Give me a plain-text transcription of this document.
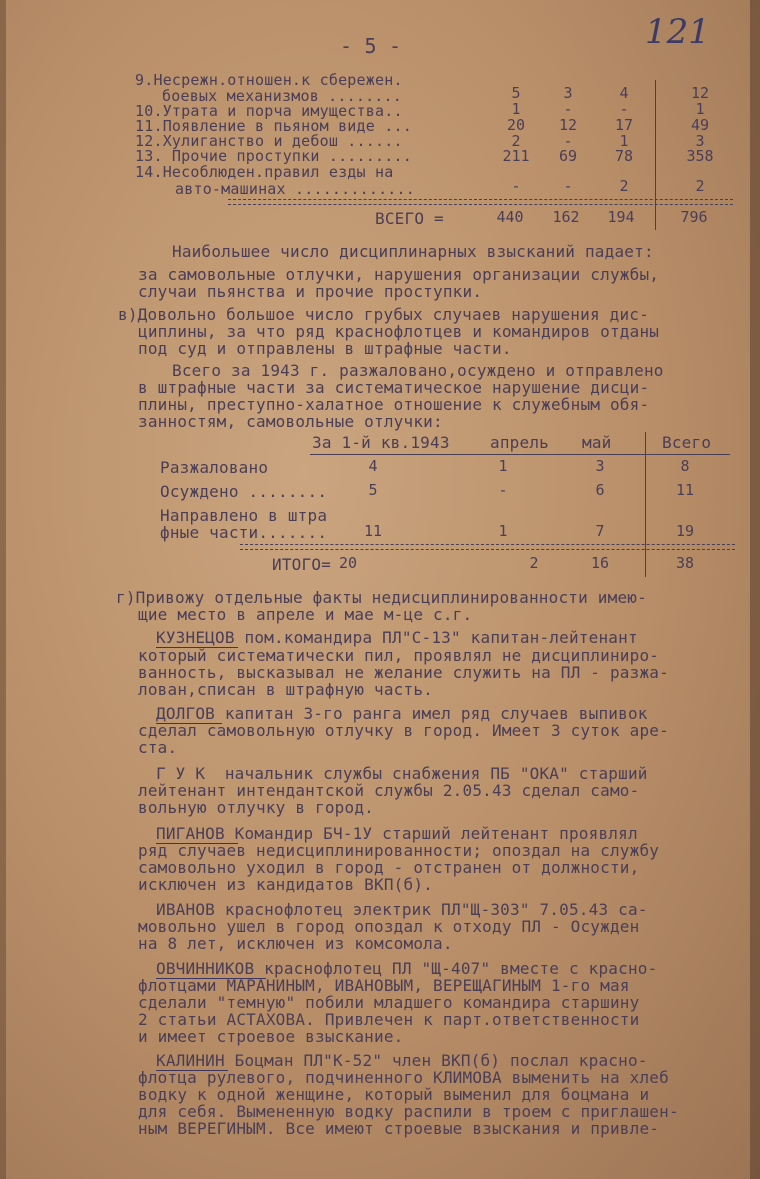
- 5 -	121
9.Несрежн.отношен.к сбережен.
боевых механизмов ........	5	3	4	12
10.Утрата и порча имущества..	1	-	-	1
11.Появление в пьяном виде ...	20	12	17	49
12.Хулиганство и дебош ......	2	-	1	3
13. Прочие проступки .........	211	69	78	358
14.Несоблюден.правил езды на
авто-машинах .............	-	-	2	2
ВСЕГО =	440	162	194	796
Наибольшее число дисциплинарных взысканий падает:
за самовольные отлучки, нарушения организации службы,
случаи пьянства и прочие проступки.
в)Довольно большое число грубых случаев нарушения дис-
циплины, за что ряд краснофлотцев и командиров отданы
под суд и отправлены в штрафные части.
Всего за 1943 г. разжаловано,осуждено и отправлено
в штрафные части за систематическое нарушение дисци-
плины, преступно-халатное отношение к служебным обя-
занностям, самовольные отлучки:
За 1-й кв.1943	апрель май	Всего
Разжаловано	4	1	3	8
Осуждено ........	5	-	6	11
Направлено в штра
фные части.......	11	1	7	19
ИТОГО= 20	2	16	38
г)Привожу отдельные факты недисциплинированности имею-
щие место в апреле и мае м-це с.г.
КУЗНЕЦОВ пом.командира ПЛ"С-13" капитан-лейтенант
который систематически пил, проявлял не дисциплиниро-
ванность, высказывал не желание служить на ПЛ - разжа-
лован,списан в штрафную часть.
ДОЛГОВ капитан 3-го ранга имел ряд случаев выпивок
сделал самовольную отлучку в город. Имеет 3 суток аре-
ста.
Г У К  начальник службы снабжения ПБ "ОКА" старший
лейтенант интендантской службы 2.05.43 сделал само-
вольную отлучку в город.
ПИГАНОВ Командир БЧ-1У старший лейтенант проявлял
ряд случаев недисциплинированности; опоздал на службу
самовольно уходил в город - отстранен от должности,
исключен из кандидатов ВКП(б).
ИВАНОВ краснофлотец электрик ПЛ"Щ-303" 7.05.43 са-
мовольно ушел в город опоздал к отходу ПЛ - Осужден
на 8 лет, исключен из комсомола.
ОВЧИННИКОВ краснофлотец ПЛ "Щ-407" вместе с красно-
флотцами МАРАНИНЫМ, ИВАНОВЫМ, ВЕРЕЩАГИНЫМ 1-го мая
сделали "темную" побили младшего командира старшину
2 статьи АСТАХОВА. Привлечен к парт.ответственности
и имеет строевое взыскание.
КАЛИНИН Боцман ПЛ"К-52" член ВКП(б) послал красно-
флотца рулевого, подчиненного КЛИМОВА выменить на хлеб
водку к одной женщине, который выменил для боцмана и
для себя. Вымененную водку распили в троем с приглашен-
ным ВЕРЕГИНЫМ. Все имеют строевые взыскания и привле-
